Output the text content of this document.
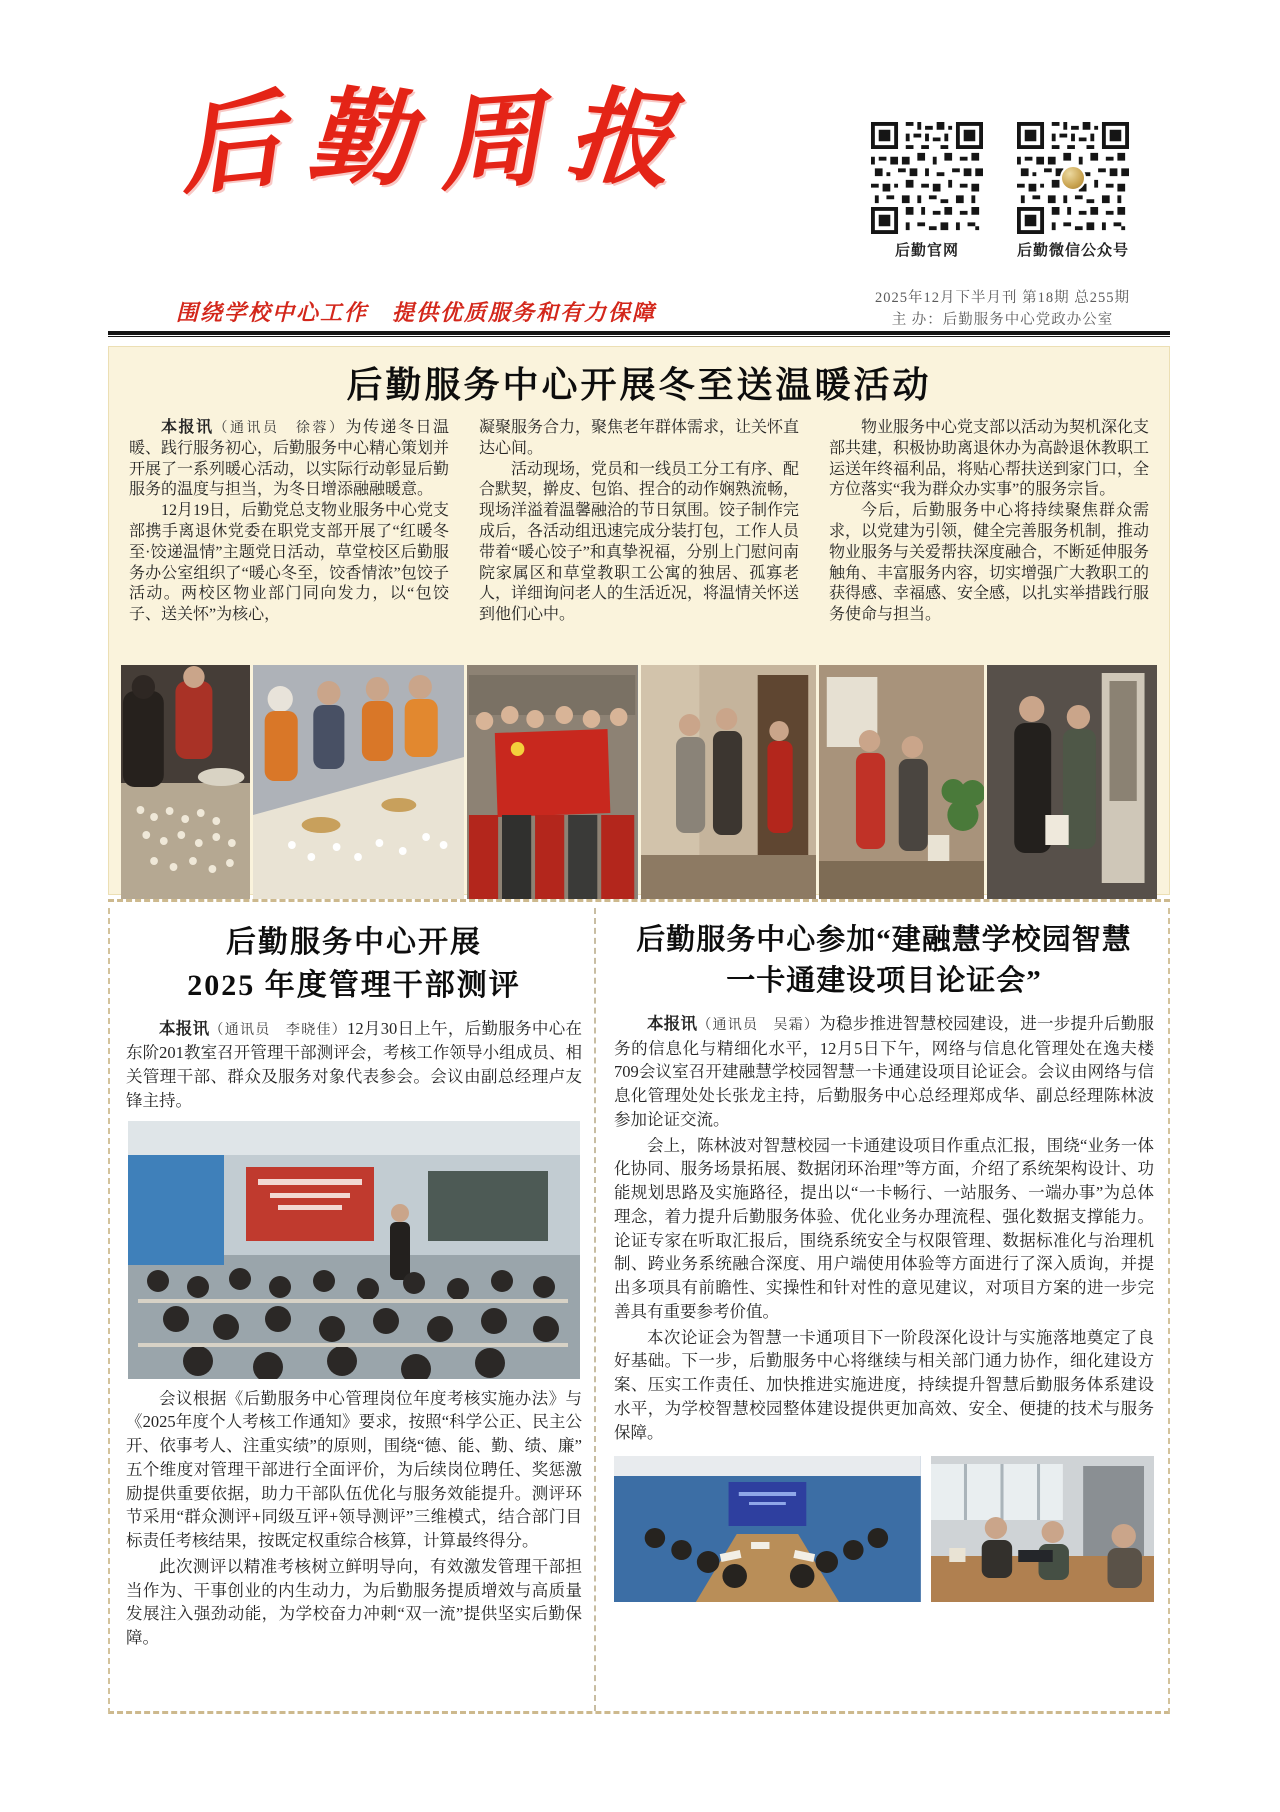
后 勤 周 报
后勤官网	后勤微信公众号
围绕学校中心工作　提供优质服务和有力保障
2025年12月下半月刊 第18期 总255期
主 办：后勤服务中心党政办公室
后勤服务中心开展冬至送温暖活动

本报讯（通讯员　徐蓉）为传递冬日温暖、践行服务初心，后勤服务中心精心策划并开展了一系列暖心活动，以实际行动彰显后勤服务的温度与担当，为冬日增添融融暖意。

12月19日，后勤党总支物业服务中心党支部携手离退休党委在职党支部开展了“红暖冬至·饺递温情”主题党日活动，草堂校区后勤服务办公室组织了“暖心冬至，饺香情浓”包饺子活动。两校区物业部门同向发力，以“包饺子、送关怀”为核心，

凝聚服务合力，聚焦老年群体需求，让关怀直达心间。

活动现场，党员和一线员工分工有序、配合默契，擀皮、包馅、捏合的动作娴熟流畅，现场洋溢着温馨融洽的节日氛围。饺子制作完成后，各活动组迅速完成分装打包，工作人员带着“暖心饺子”和真挚祝福，分别上门慰问南院家属区和草堂教职工公寓的独居、孤寡老人，详细询问老人的生活近况，将温情关怀送到他们心中。

物业服务中心党支部以活动为契机深化支部共建，积极协助离退休办为高龄退休教职工运送年终福利品，将贴心帮扶送到家门口，全方位落实“我为群众办实事”的服务宗旨。

今后，后勤服务中心将持续聚焦群众需求，以党建为引领，健全完善服务机制，推动物业服务与关爱帮扶深度融合，不断延伸服务触角、丰富服务内容，切实增强广大教职工的获得感、幸福感、安全感，以扎实举措践行服务使命与担当。

后勤服务中心开展
2025 年度管理干部测评

本报讯（通讯员　李晓佳）12月30日上午，后勤服务中心在东阶201教室召开管理干部测评会，考核工作领导小组成员、相关管理干部、群众及服务对象代表参会。会议由副总经理卢友锋主持。

会议根据《后勤服务中心管理岗位年度考核实施办法》与《2025年度个人考核工作通知》要求，按照“科学公正、民主公开、依事考人、注重实绩”的原则，围绕“德、能、勤、绩、廉”五个维度对管理干部进行全面评价，为后续岗位聘任、奖惩激励提供重要依据，助力干部队伍优化与服务效能提升。测评环节采用“群众测评+同级互评+领导测评”三维模式，结合部门目标责任考核结果，按既定权重综合核算，计算最终得分。

此次测评以精准考核树立鲜明导向，有效激发管理干部担当作为、干事创业的内生动力，为后勤服务提质增效与高质量发展注入强劲动能，为学校奋力冲刺“双一流”提供坚实后勤保障。

后勤服务中心参加“建融慧学校园智慧
一卡通建设项目论证会”

本报讯（通讯员　吴霜）为稳步推进智慧校园建设，进一步提升后勤服务的信息化与精细化水平，12月5日下午，网络与信息化管理处在逸夫楼709会议室召开建融慧学校园智慧一卡通建设项目论证会。会议由网络与信息化管理处处长张龙主持，后勤服务中心总经理郑成华、副总经理陈林波参加论证交流。

会上，陈林波对智慧校园一卡通建设项目作重点汇报，围绕“业务一体化协同、服务场景拓展、数据闭环治理”等方面，介绍了系统架构设计、功能规划思路及实施路径，提出以“一卡畅行、一站服务、一端办事”为总体理念，着力提升后勤服务体验、优化业务办理流程、强化数据支撑能力。论证专家在听取汇报后，围绕系统安全与权限管理、数据标准化与治理机制、跨业务系统融合深度、用户端使用体验等方面进行了深入质询，并提出多项具有前瞻性、实操性和针对性的意见建议，对项目方案的进一步完善具有重要参考价值。

本次论证会为智慧一卡通项目下一阶段深化设计与实施落地奠定了良好基础。下一步，后勤服务中心将继续与相关部门通力协作，细化建设方案、压实工作责任、加快推进实施进度，持续提升智慧后勤服务体系建设水平，为学校智慧校园整体建设提供更加高效、安全、便捷的技术与服务保障。
